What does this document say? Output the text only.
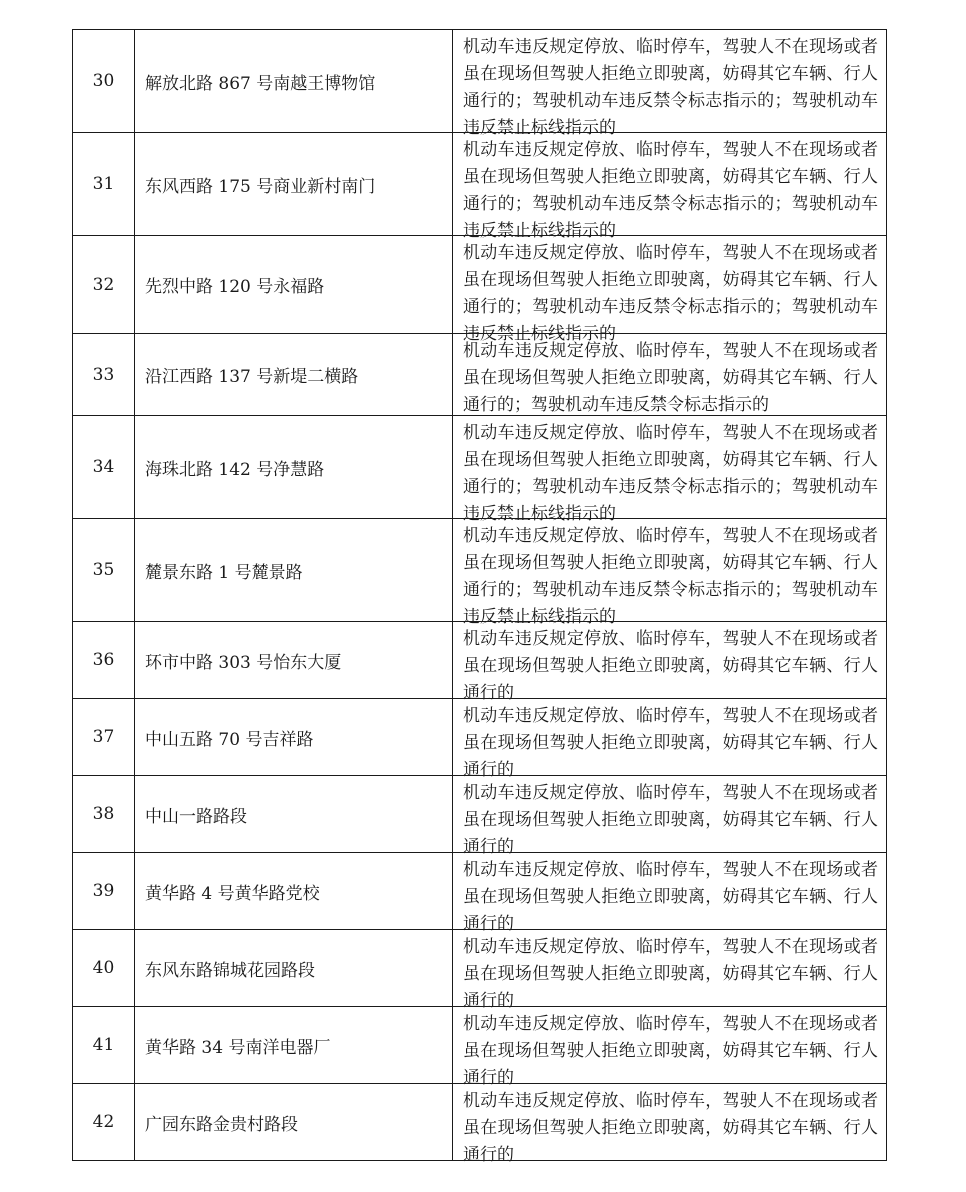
30	解放北路 867 号南越王博物馆	机动车违反规定停放、临时停车，驾驶人不在现场或者虽在现场但驾驶人拒绝立即驶离，妨碍其它车辆、行人通行的；驾驶机动车违反禁令标志指示的；驾驶机动车违反禁止标线指示的

31	东风西路 175 号商业新村南门	机动车违反规定停放、临时停车，驾驶人不在现场或者虽在现场但驾驶人拒绝立即驶离，妨碍其它车辆、行人通行的；驾驶机动车违反禁令标志指示的；驾驶机动车违反禁止标线指示的

32	先烈中路 120 号永福路	机动车违反规定停放、临时停车，驾驶人不在现场或者虽在现场但驾驶人拒绝立即驶离，妨碍其它车辆、行人通行的；驾驶机动车违反禁令标志指示的；驾驶机动车违反禁止标线指示的

33	沿江西路 137 号新堤二横路	机动车违反规定停放、临时停车，驾驶人不在现场或者虽在现场但驾驶人拒绝立即驶离，妨碍其它车辆、行人通行的；驾驶机动车违反禁令标志指示的

34	海珠北路 142 号净慧路	机动车违反规定停放、临时停车，驾驶人不在现场或者虽在现场但驾驶人拒绝立即驶离，妨碍其它车辆、行人通行的；驾驶机动车违反禁令标志指示的；驾驶机动车违反禁止标线指示的

35	麓景东路 1 号麓景路	机动车违反规定停放、临时停车，驾驶人不在现场或者虽在现场但驾驶人拒绝立即驶离，妨碍其它车辆、行人通行的；驾驶机动车违反禁令标志指示的；驾驶机动车违反禁止标线指示的

36	环市中路 303 号怡东大厦	机动车违反规定停放、临时停车，驾驶人不在现场或者虽在现场但驾驶人拒绝立即驶离，妨碍其它车辆、行人通行的

37	中山五路 70 号吉祥路	机动车违反规定停放、临时停车，驾驶人不在现场或者虽在现场但驾驶人拒绝立即驶离，妨碍其它车辆、行人通行的

38	中山一路路段	机动车违反规定停放、临时停车，驾驶人不在现场或者虽在现场但驾驶人拒绝立即驶离，妨碍其它车辆、行人通行的

39	黄华路 4 号黄华路党校	机动车违反规定停放、临时停车，驾驶人不在现场或者虽在现场但驾驶人拒绝立即驶离，妨碍其它车辆、行人通行的

40	东风东路锦城花园路段	机动车违反规定停放、临时停车，驾驶人不在现场或者虽在现场但驾驶人拒绝立即驶离，妨碍其它车辆、行人通行的

41	黄华路 34 号南洋电器厂	机动车违反规定停放、临时停车，驾驶人不在现场或者虽在现场但驾驶人拒绝立即驶离，妨碍其它车辆、行人通行的

42	广园东路金贵村路段	机动车违反规定停放、临时停车，驾驶人不在现场或者虽在现场但驾驶人拒绝立即驶离，妨碍其它车辆、行人通行的
